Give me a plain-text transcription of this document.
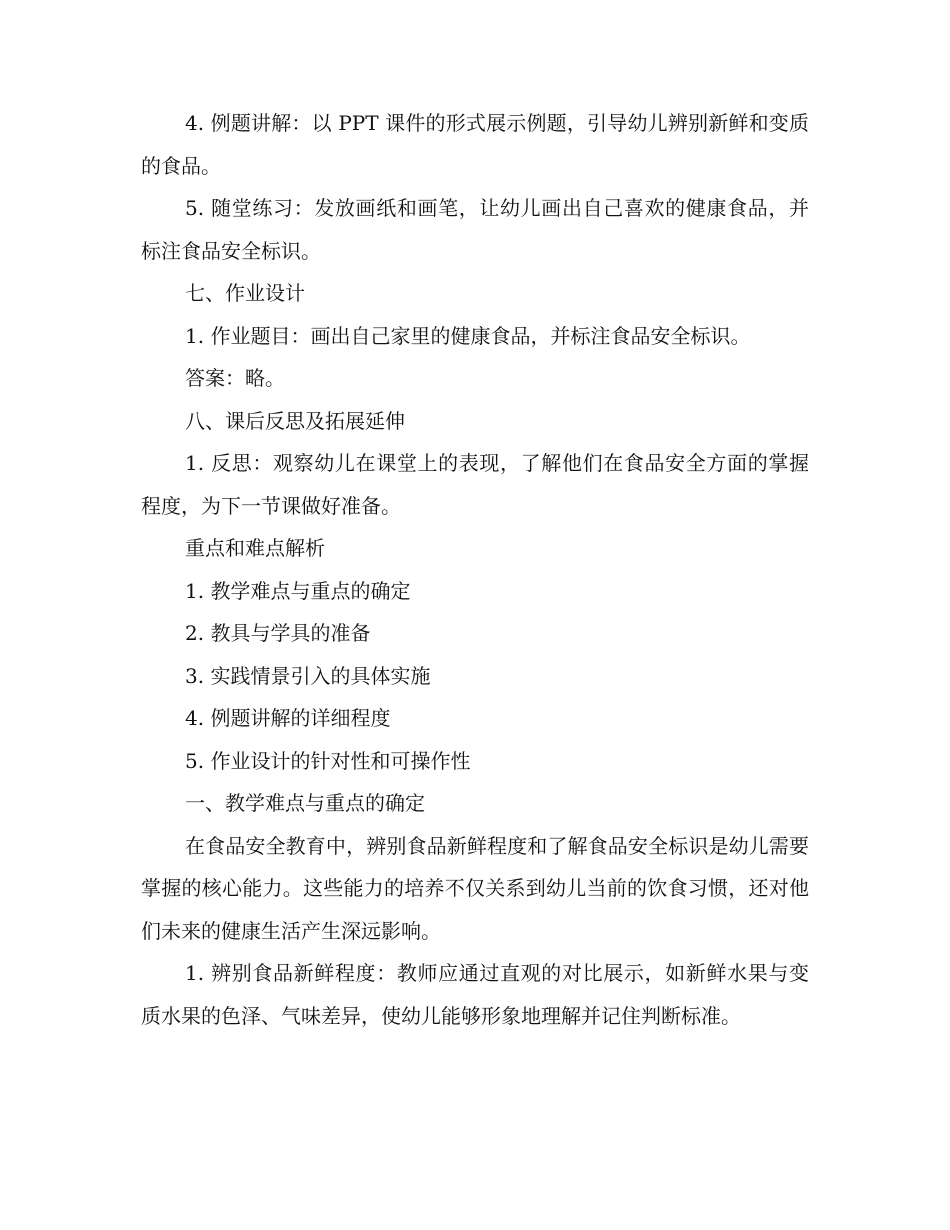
4. 例题讲解：以 PPT 课件的形式展示例题，引导幼儿辨别新鲜和变质的食品。

5. 随堂练习：发放画纸和画笔，让幼儿画出自己喜欢的健康食品，并标注食品安全标识。

七、作业设计

1. 作业题目：画出自己家里的健康食品，并标注食品安全标识。

答案：略。

八、课后反思及拓展延伸

1. 反思：观察幼儿在课堂上的表现，了解他们在食品安全方面的掌握程度，为下一节课做好准备。

重点和难点解析

1. 教学难点与重点的确定

2. 教具与学具的准备

3. 实践情景引入的具体实施

4. 例题讲解的详细程度

5. 作业设计的针对性和可操作性

一、教学难点与重点的确定

在食品安全教育中，辨别食品新鲜程度和了解食品安全标识是幼儿需要掌握的核心能力。这些能力的培养不仅关系到幼儿当前的饮食习惯，还对他们未来的健康生活产生深远影响。

1. 辨别食品新鲜程度：教师应通过直观的对比展示，如新鲜水果与变质水果的色泽、气味差异，使幼儿能够形象地理解并记住判断标准。
